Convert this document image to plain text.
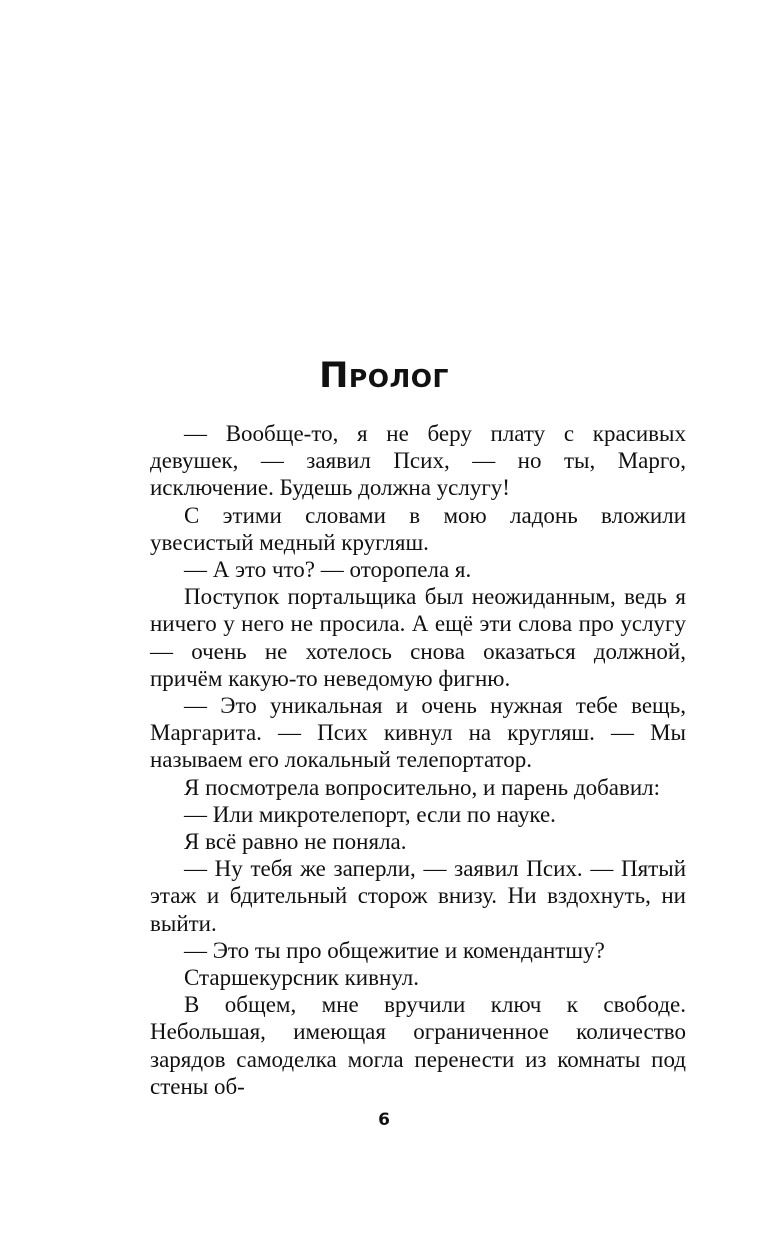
Пролог

— Вообще-то, я не беру плату с красивых девушек, — заявил Псих, — но ты, Марго, исключение. Будешь должна услугу!

С этими словами в мою ладонь вложили увесистый медный кругляш.

— А это что? — оторопела я.

Поступок портальщика был неожиданным, ведь я ничего у него не просила. А ещё эти слова про услугу — очень не хотелось снова оказаться должной, причём какую-то неведомую фигню.

— Это уникальная и очень нужная тебе вещь, Маргарита. — Псих кивнул на кругляш. — Мы называем его локальный телепортатор.

Я посмотрела вопросительно, и парень добавил:

— Или микротелепорт, если по науке.

Я всё равно не поняла.

— Ну тебя же заперли, — заявил Псих. — Пятый этаж и бдительный сторож внизу. Ни вздохнуть, ни выйти.

— Это ты про общежитие и комендантшу?

Старшекурсник кивнул.

В общем, мне вручили ключ к свободе. Небольшая, имеющая ограниченное количество зарядов самоделка могла перенести из комнаты под стены об-

6
